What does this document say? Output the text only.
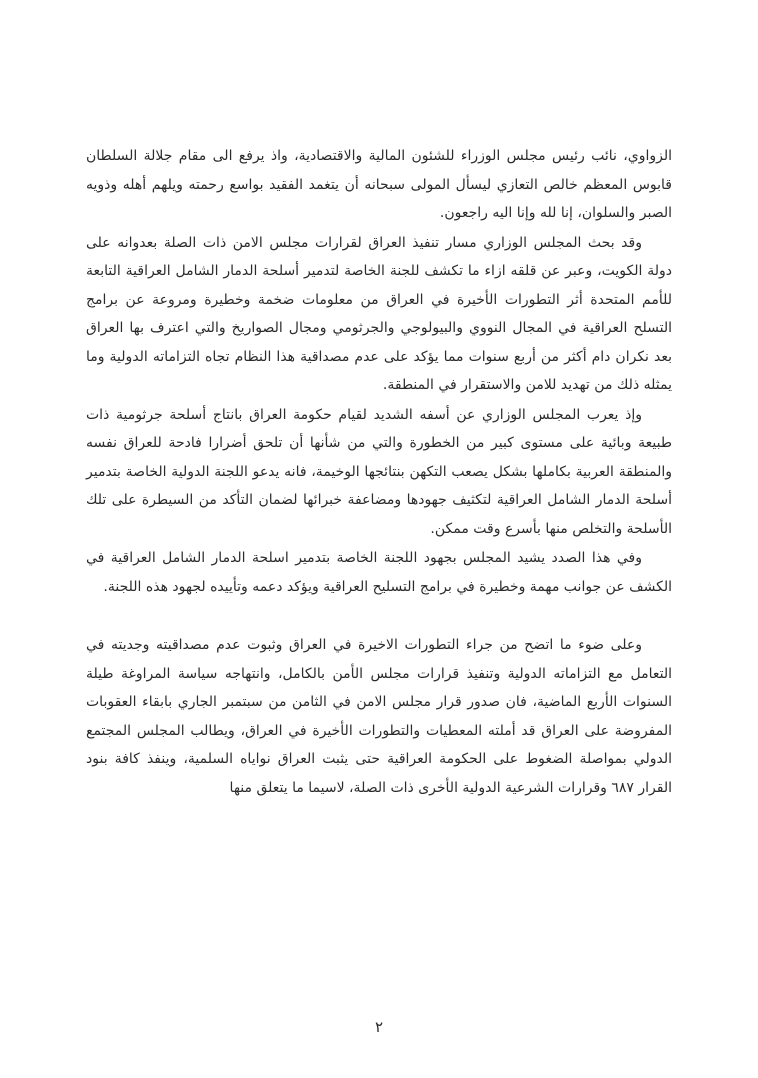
الزواوي، نائب رئيس مجلس الوزراء للشئون المالية والاقتصادية، واذ يرفع الى مقام جلالة السلطان قابوس المعظم خالص التعازي ليسأل المولى سبحانه أن يتغمد الفقيد بواسع رحمته ويلهم أهله وذويه الصبر والسلوان، إنا لله وإنا اليه راجعون.

وقد بحث المجلس الوزاري مسار تنفيذ العراق لقرارات مجلس الامن ذات الصلة بعدوانه على دولة الكويت، وعبر عن قلقه ازاء ما تكشف للجنة الخاصة لتدمير أسلحة الدمار الشامل العراقية التابعة للأمم المتحدة أثر التطورات الأخيرة في العراق من معلومات ضخمة وخطيرة ومروعة عن برامج التسلح العراقية في المجال النووي والبيولوجي والجرثومي ومجال الصواريخ والتي اعترف بها العراق بعد نكران دام أكثر من أربع سنوات مما يؤكد على عدم مصداقية هذا النظام تجاه التزاماته الدولية وما يمثله ذلك من تهديد للامن والاستقرار في المنطقة.

وإذ يعرب المجلس الوزاري عن أسفه الشديد لقيام حكومة العراق بانتاج أسلحة جرثومية ذات طبيعة وبائية على مستوى كبير من الخطورة والتي من شأنها أن تلحق أضرارا فادحة للعراق نفسه والمنطقة العربية بكاملها بشكل يصعب التكهن بنتائجها الوخيمة، فانه يدعو اللجنة الدولية الخاصة بتدمير أسلحة الدمار الشامل العراقية لتكثيف جهودها ومضاعفة خبرائها لضمان التأكد من السيطرة على تلك الأسلحة والتخلص منها بأسرع وقت ممكن.

وفي هذا الصدد يشيد المجلس بجهود اللجنة الخاصة بتدمير اسلحة الدمار الشامل العراقية في الكشف عن جوانب مهمة وخطيرة في برامج التسليح العراقية ويؤكد دعمه وتأييده لجهود هذه اللجنة.

وعلى ضوء ما اتضح من جراء التطورات الاخيرة في العراق وثبوت عدم مصداقيته وجديته في التعامل مع التزاماته الدولية وتنفيذ قرارات مجلس الأمن بالكامل، وانتهاجه سياسة المراوغة طيلة السنوات الأربع الماضية، فان صدور قرار مجلس الامن في الثامن من سبتمبر الجاري بابقاء العقوبات المفروضة على العراق قد أملته المعطيات والتطورات الأخيرة في العراق، ويطالب المجلس المجتمع الدولي بمواصلة الضغوط على الحكومة العراقية حتى يثبت العراق نواياه السلمية، وينفذ كافة بنود القرار ٦٨٧ وقرارات الشرعية الدولية الأخرى ذات الصلة، لاسيما ما يتعلق منها

٢
